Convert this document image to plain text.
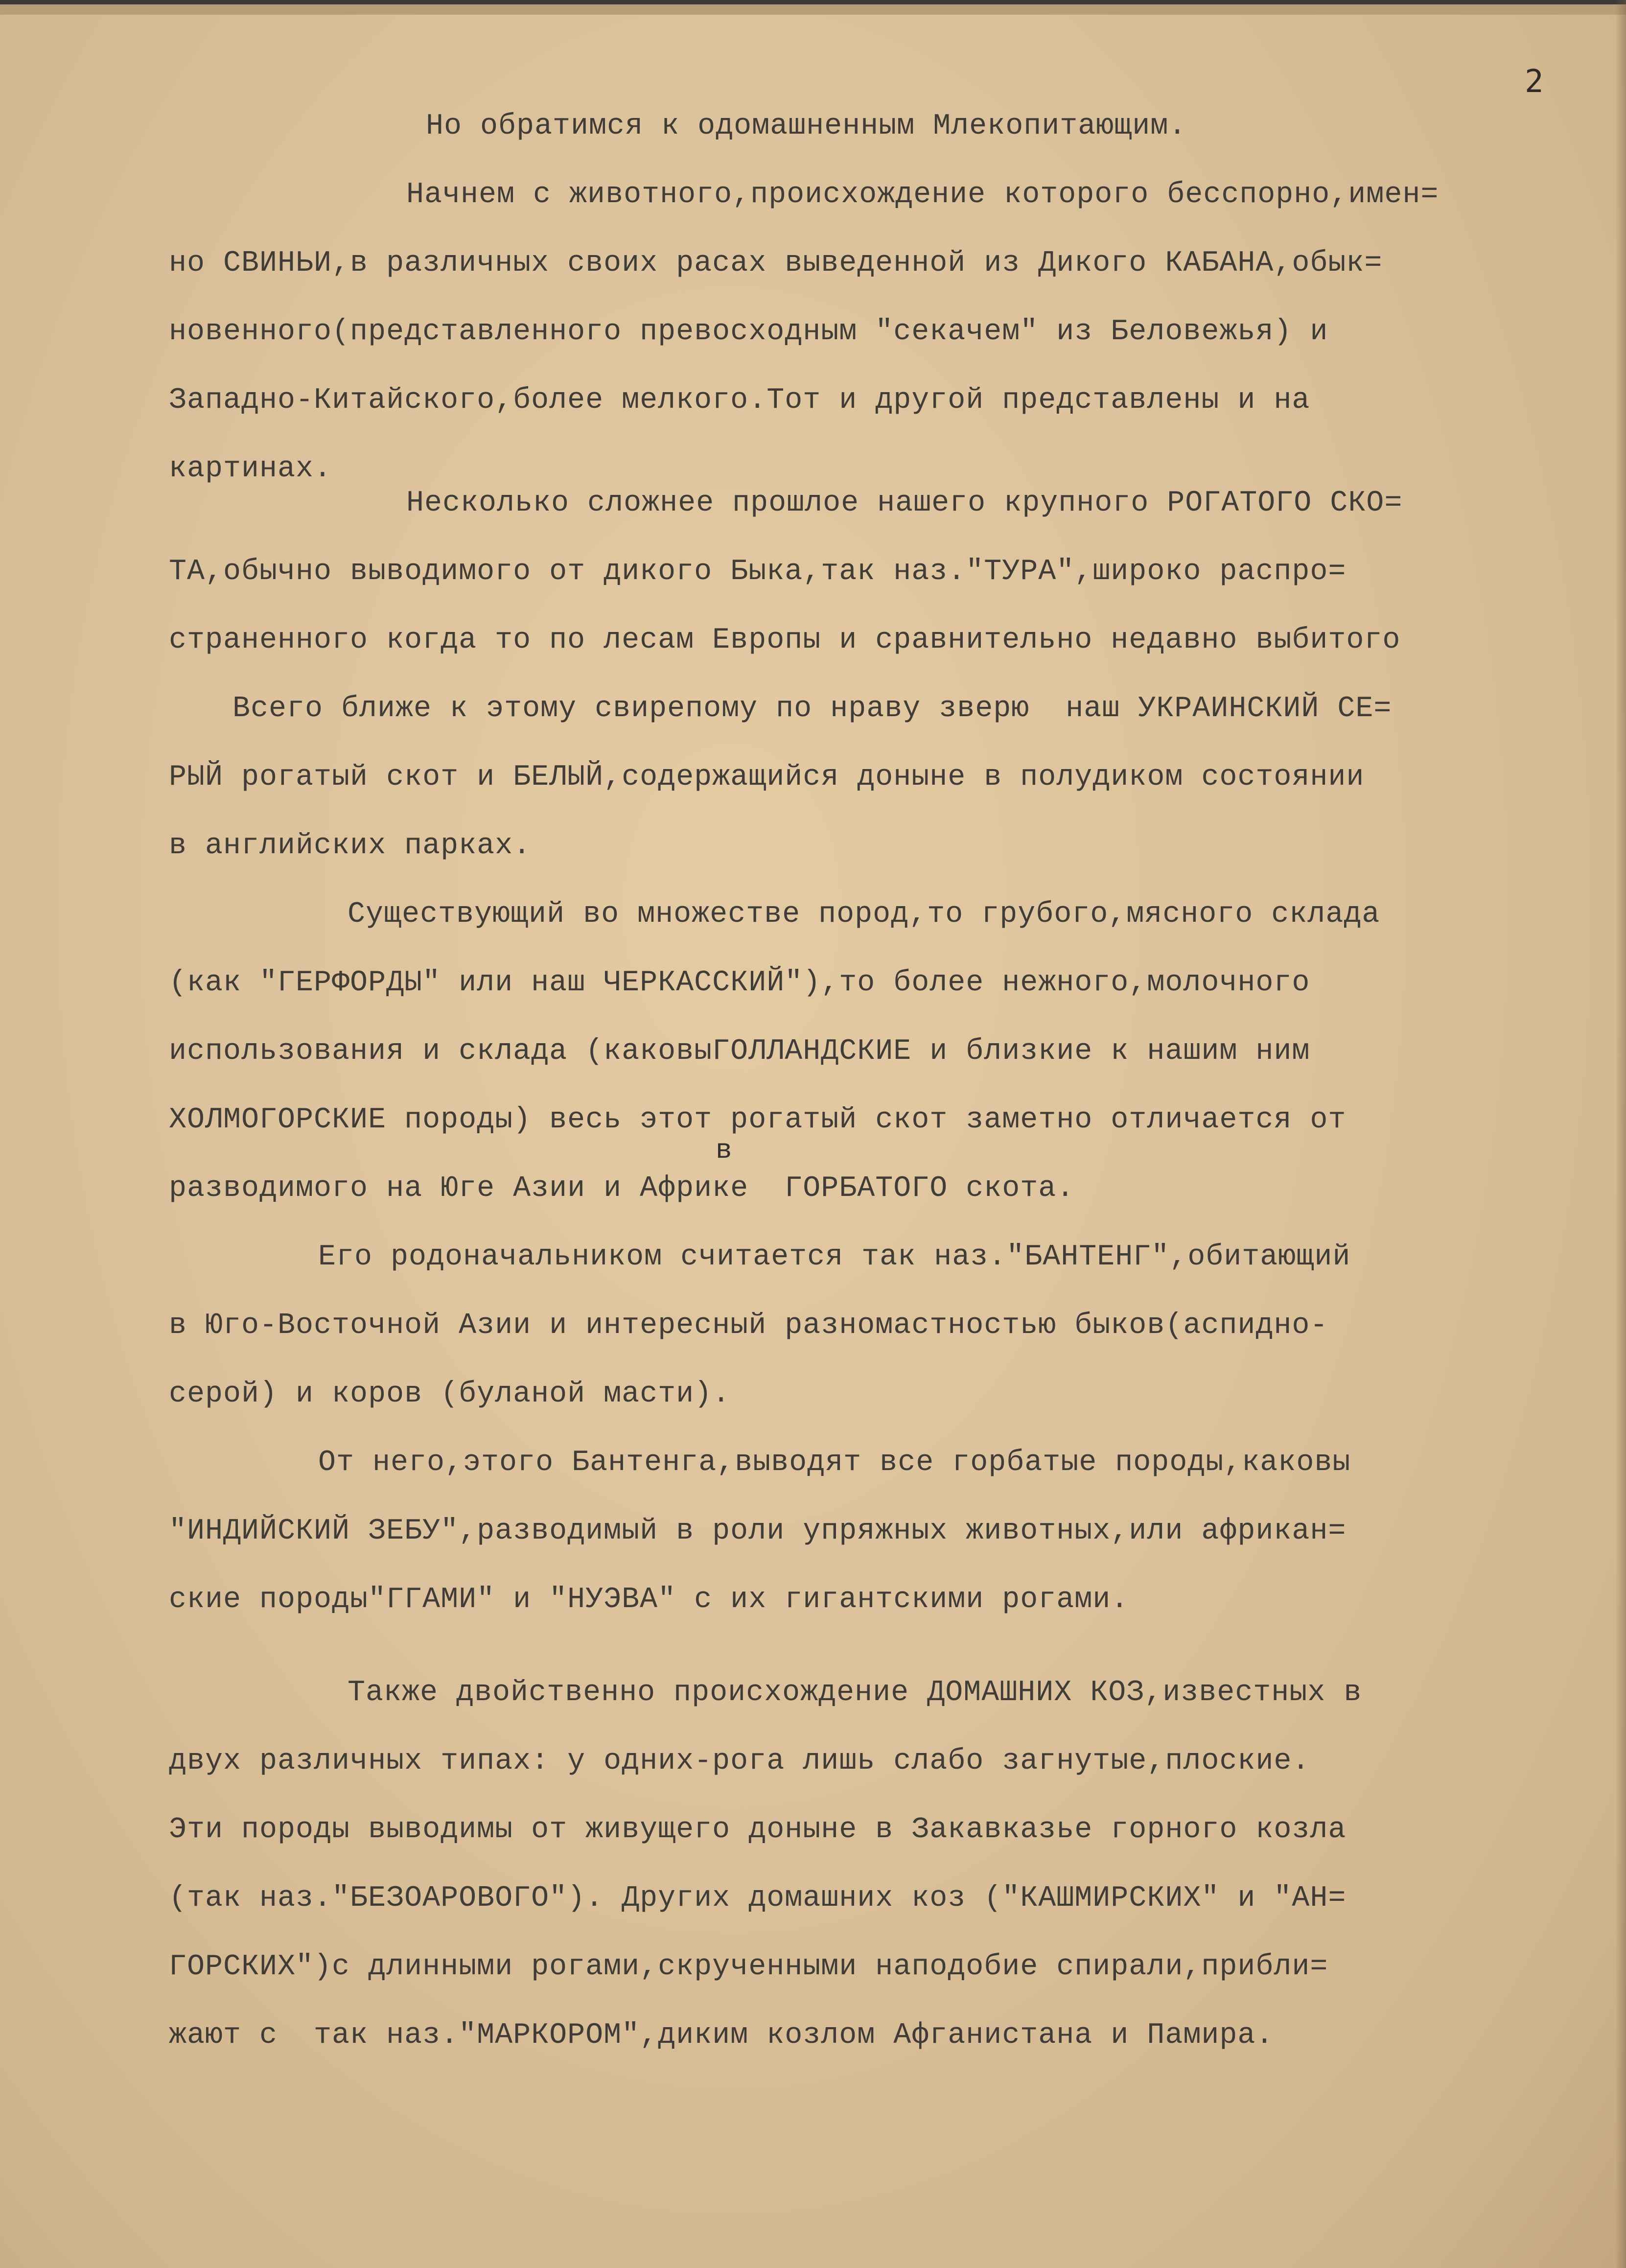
2
Но обратимся к одомашненным Млекопитающим.
Начнем с животного,происхождение которого бесспорно,имен=
но СВИНЬИ,в различных своих расах выведенной из Дикого КАБАНА,обык=
новенного(представленного превосходным "секачем" из Беловежья) и
Западно-Китайского,более мелкого.Тот и другой представлены и на
картинах.
Несколько сложнее прошлое нашего крупного РОГАТОГО СКО=
ТА,обычно выводимого от дикого Быка,так наз."ТУРА",широко распро=
страненного когда то по лесам Европы и сравнительно недавно выбитого
Всего ближе к этому свирепому по нраву зверю  наш УКРАИНСКИЙ СЕ=
РЫЙ рогатый скот и БЕЛЫЙ,содержащийся доныне в полудиком состоянии
в английских парках.
Существующий во множестве пород,то грубого,мясного склада
(как "ГЕРФОРДЫ" или наш ЧЕРКАССКИЙ"),то более нежного,молочного
использования и склада (каковыГОЛЛАНДСКИЕ и близкие к нашим ним
ХОЛМОГОРСКИЕ породы) весь этот рогатый скот заметно отличается от
в
разводимого на Юге Азии и Африке  ГОРБАТОГО скота.
Его родоначальником считается так наз."БАНТЕНГ",обитающий
в Юго-Восточной Азии и интересный разномастностью быков(аспидно-
серой) и коров (буланой масти).
От него,этого Бантенга,выводят все горбатые породы,каковы
"ИНДИЙСКИЙ ЗЕБУ",разводимый в роли упряжных животных,или африкан=
ские породы"ГГАМИ" и "НУЭВА" с их гигантскими рогами.
Также двойственно происхождение ДОМАШНИХ КОЗ,известных в
двух различных типах: у одних-рога лишь слабо загнутые,плоские.
Эти породы выводимы от живущего доныне в Закавказье горного козла
(так наз."БЕЗОАРОВОГО"). Других домашних коз ("КАШМИРСКИХ" и "АН=
ГОРСКИХ")с длинными рогами,скрученными наподобие спирали,прибли=
жают с  так наз."МАРКОРОМ",диким козлом Афганистана и Памира.
